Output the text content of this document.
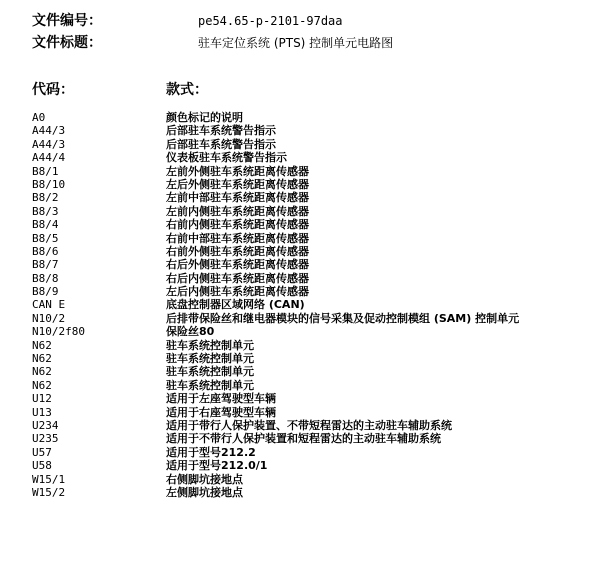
文件编号：	pe54.65-p-2101-97daa
文件标题：	驻车定位系统 (PTS) 控制单元电路图
代码：	款式：
A0	颜色标记的说明
A44/3	后部驻车系统警告指示
A44/3	后部驻车系统警告指示
A44/4	仪表板驻车系统警告指示
B8/1	左前外侧驻车系统距离传感器
B8/10	左后外侧驻车系统距离传感器
B8/2	左前中部驻车系统距离传感器
B8/3	左前内侧驻车系统距离传感器
B8/4	右前内侧驻车系统距离传感器
B8/5	右前中部驻车系统距离传感器
B8/6	右前外侧驻车系统距离传感器
B8/7	右后外侧驻车系统距离传感器
B8/8	右后内侧驻车系统距离传感器
B8/9	左后内侧驻车系统距离传感器
CAN E	底盘控制器区域网络 (CAN)
N10/2	后排带保险丝和继电器模块的信号采集及促动控制模组 (SAM) 控制单元
N10/2f80	保险丝80
N62	驻车系统控制单元
N62	驻车系统控制单元
N62	驻车系统控制单元
N62	驻车系统控制单元
U12	适用于左座驾驶型车辆
U13	适用于右座驾驶型车辆
U234	适用于带行人保护装置、不带短程雷达的主动驻车辅助系统
U235	适用于不带行人保护装置和短程雷达的主动驻车辅助系统
U57	适用于型号212.2
U58	适用于型号212.0/1
W15/1	右侧脚坑接地点
W15/2	左侧脚坑接地点
